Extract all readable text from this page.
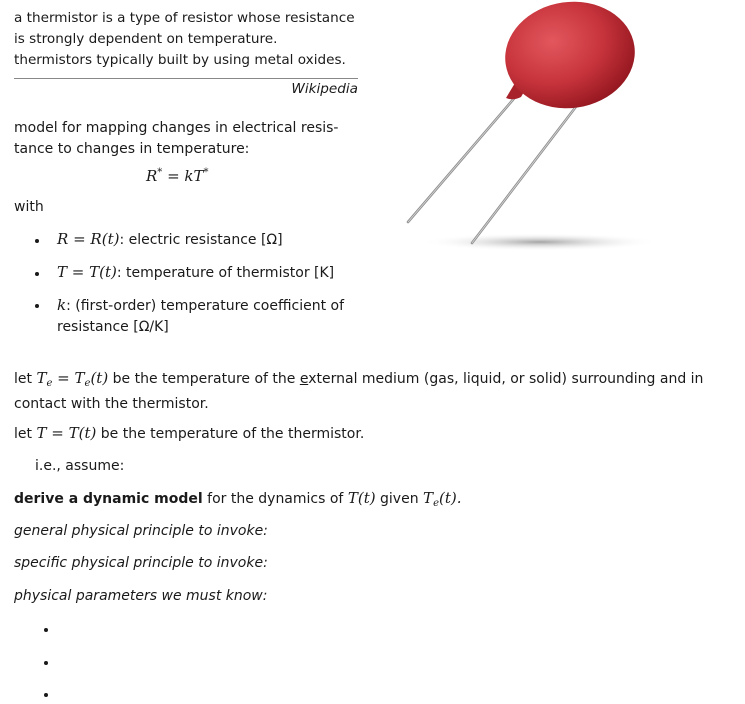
a thermistor is a type of resistor whose resistance is strongly dependent on temperature. thermistors typically built by using metal oxides.
Wikipedia
model for mapping changes in electrical resis-
tance to changes in temperature:
R* = kT*
with
R = R(t): electric resistance [Ω]
T = T(t): temperature of thermistor [K]
k: (first-order) temperature coefficient of
resistance [Ω/K]
let $T_e = T_e(t)$ be the temperature of the external medium (gas, liquid, or solid) surrounding and in
contact with the thermistor.
let T = T(t) be the temperature of the thermistor.
i.e., assume:
derive a dynamic model for the dynamics of T(t) given $T_e(t)$.
general physical principle to invoke:
specific physical principle to invoke:
physical parameters we must know:
